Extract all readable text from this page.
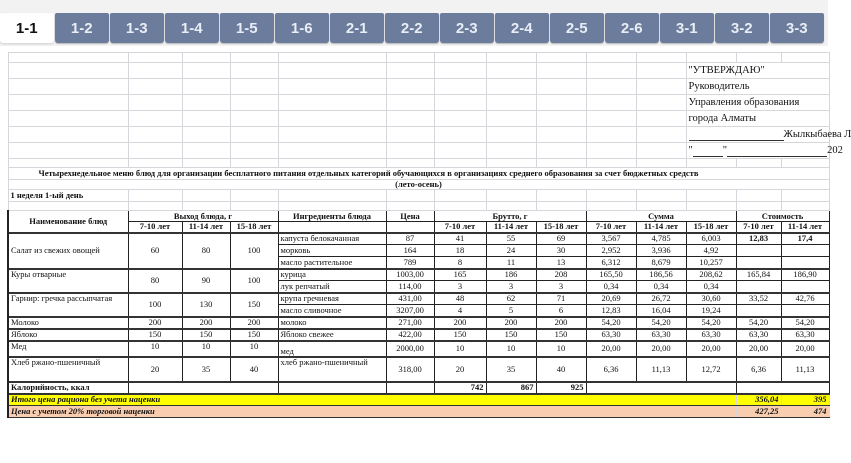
1-1	1-2	1-3	1-4	1-5	1-6	2-1	2-2	2-3	2-4	2-5	2-6	3-1	3-2	3-3

											"УТВЕРЖДАЮ"		
											Руководитель		
											Управления образования		
											города Алматы		
											Жылкыбаева Л		
											" " 202		

Четырехнедельное меню блюд для организации бесплатного питания отдельных категорий обучающихся в организациях среднего образования за счет бюджетных средств													
(лето-осень)													
1 неделя 1-ый день													

Наименование блюд	Выход блюда, г			Ингредиенты блюда	Цена	Брутто, г			Сумма			Стоимость	
	7-10 лет	11-14 лет	15-18 лет			7-10 лет	11-14 лет	15-18 лет	7-10 лет	11-14 лет	15-18 лет	7-10 лет	11-14 лет
Салат из свежих овощей	60	80	100	капуста белокачанная	87	41	55	69	3,567	4,785	6,003	12,83	17,4
				морковь	164	18	24	30	2,952	3,936	4,92		
				масло растительное	789	8	11	13	6,312	8,679	10,257		
Куры отварные	80	90	100	курица	1003,00	165	186	208	165,50	186,56	208,62	165,84	186,90
				лук репчатый	114,00	3	3	3	0,34	0,34	0,34		
Гарнир: гречка рассыпчатая	100	130	150	крупа гречневая	431,00	48	62	71	20,69	26,72	30,60	33,52	42,76
				масло сливочное	3207,00	4	5	6	12,83	16,04	19,24		
Молоко	200	200	200	молоко	271,00	200	200	200	54,20	54,20	54,20	54,20	54,20
Яблоко	150	150	150	Яблоко свежее	422,00	150	150	150	63,30	63,30	63,30	63,30	63,30
Мед	10	10	10	мед	2000,00	10	10	10	20,00	20,00	20,00	20,00	20,00
Хлеб ржано-пшеничный	20	35	40	хлеб ржано-пшеничный	318,00	20	35	40	6,36	11,13	12,72	6,36	11,13
Калорийность, ккал						742	867	925					
Итого цена рациона без учета наценки												356,04	395
Цена с учетом 20% торговой наценки												427,25	474
